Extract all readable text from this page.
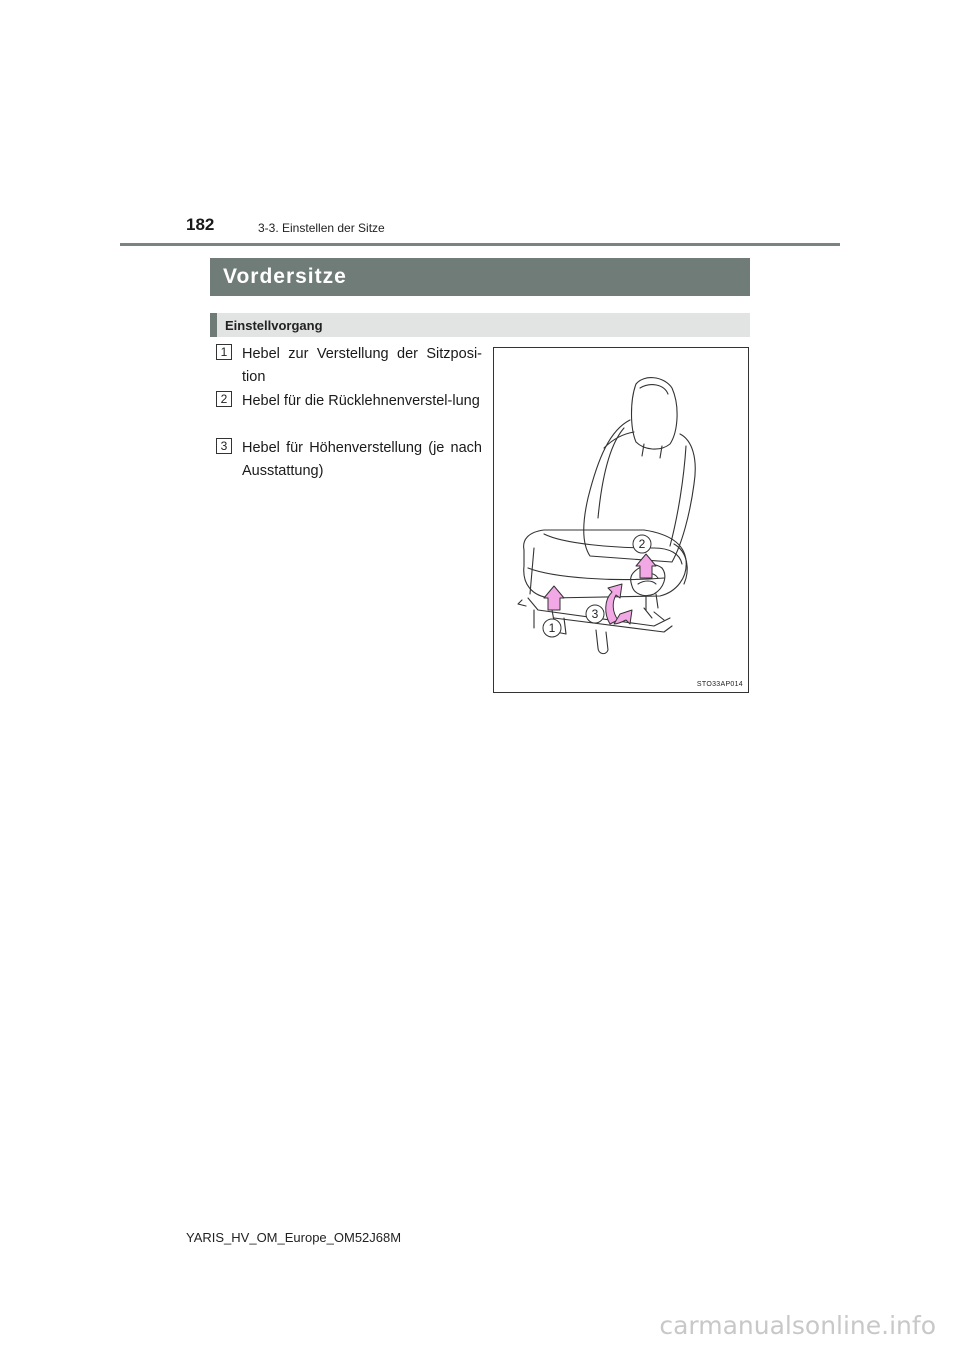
182	3-3. Einstellen der Sitze
Vordersitze
Einstellvorgang
1	Hebel zur Verstellung der Sitzposi-tion
2	Hebel für die Rücklehnenverstel-lung
3	Hebel für Höhenverstellung (je nach Ausstattung)
2
3
1
STO33AP014
YARIS_HV_OM_Europe_OM52J68M
carmanualsonline.info
